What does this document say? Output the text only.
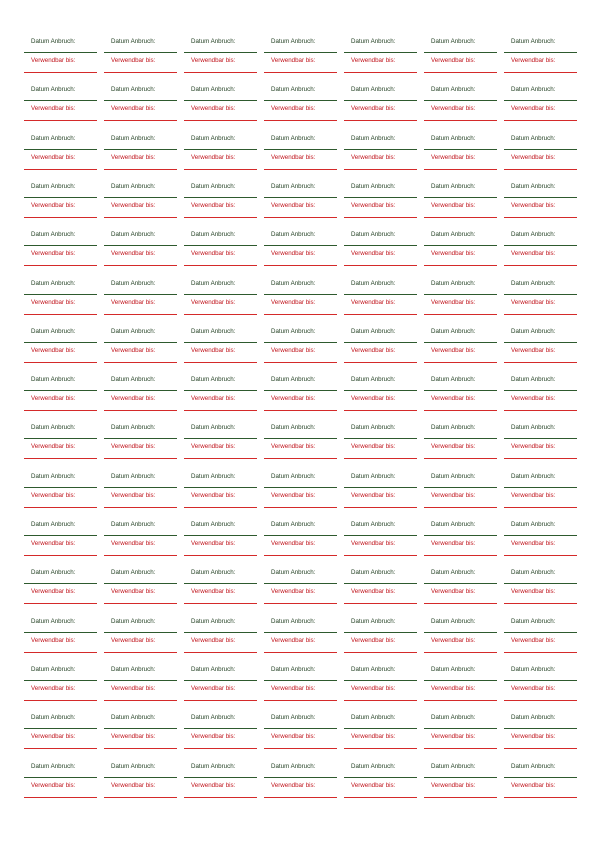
Datum Anbruch:
Verwendbar bis:
Datum Anbruch:
Verwendbar bis:
Datum Anbruch:
Verwendbar bis:
Datum Anbruch:
Verwendbar bis:
Datum Anbruch:
Verwendbar bis:
Datum Anbruch:
Verwendbar bis:
Datum Anbruch:
Verwendbar bis:
Datum Anbruch:
Verwendbar bis:
Datum Anbruch:
Verwendbar bis:
Datum Anbruch:
Verwendbar bis:
Datum Anbruch:
Verwendbar bis:
Datum Anbruch:
Verwendbar bis:
Datum Anbruch:
Verwendbar bis:
Datum Anbruch:
Verwendbar bis:
Datum Anbruch:
Verwendbar bis:
Datum Anbruch:
Verwendbar bis:
Datum Anbruch:
Verwendbar bis:
Datum Anbruch:
Verwendbar bis:
Datum Anbruch:
Verwendbar bis:
Datum Anbruch:
Verwendbar bis:
Datum Anbruch:
Verwendbar bis:
Datum Anbruch:
Verwendbar bis:
Datum Anbruch:
Verwendbar bis:
Datum Anbruch:
Verwendbar bis:
Datum Anbruch:
Verwendbar bis:
Datum Anbruch:
Verwendbar bis:
Datum Anbruch:
Verwendbar bis:
Datum Anbruch:
Verwendbar bis:
Datum Anbruch:
Verwendbar bis:
Datum Anbruch:
Verwendbar bis:
Datum Anbruch:
Verwendbar bis:
Datum Anbruch:
Verwendbar bis:
Datum Anbruch:
Verwendbar bis:
Datum Anbruch:
Verwendbar bis:
Datum Anbruch:
Verwendbar bis:
Datum Anbruch:
Verwendbar bis:
Datum Anbruch:
Verwendbar bis:
Datum Anbruch:
Verwendbar bis:
Datum Anbruch:
Verwendbar bis:
Datum Anbruch:
Verwendbar bis:
Datum Anbruch:
Verwendbar bis:
Datum Anbruch:
Verwendbar bis:
Datum Anbruch:
Verwendbar bis:
Datum Anbruch:
Verwendbar bis:
Datum Anbruch:
Verwendbar bis:
Datum Anbruch:
Verwendbar bis:
Datum Anbruch:
Verwendbar bis:
Datum Anbruch:
Verwendbar bis:
Datum Anbruch:
Verwendbar bis:
Datum Anbruch:
Verwendbar bis:
Datum Anbruch:
Verwendbar bis:
Datum Anbruch:
Verwendbar bis:
Datum Anbruch:
Verwendbar bis:
Datum Anbruch:
Verwendbar bis:
Datum Anbruch:
Verwendbar bis:
Datum Anbruch:
Verwendbar bis:
Datum Anbruch:
Verwendbar bis:
Datum Anbruch:
Verwendbar bis:
Datum Anbruch:
Verwendbar bis:
Datum Anbruch:
Verwendbar bis:
Datum Anbruch:
Verwendbar bis:
Datum Anbruch:
Verwendbar bis:
Datum Anbruch:
Verwendbar bis:
Datum Anbruch:
Verwendbar bis:
Datum Anbruch:
Verwendbar bis:
Datum Anbruch:
Verwendbar bis:
Datum Anbruch:
Verwendbar bis:
Datum Anbruch:
Verwendbar bis:
Datum Anbruch:
Verwendbar bis:
Datum Anbruch:
Verwendbar bis:
Datum Anbruch:
Verwendbar bis:
Datum Anbruch:
Verwendbar bis:
Datum Anbruch:
Verwendbar bis:
Datum Anbruch:
Verwendbar bis:
Datum Anbruch:
Verwendbar bis:
Datum Anbruch:
Verwendbar bis:
Datum Anbruch:
Verwendbar bis:
Datum Anbruch:
Verwendbar bis:
Datum Anbruch:
Verwendbar bis:
Datum Anbruch:
Verwendbar bis:
Datum Anbruch:
Verwendbar bis:
Datum Anbruch:
Verwendbar bis:
Datum Anbruch:
Verwendbar bis:
Datum Anbruch:
Verwendbar bis:
Datum Anbruch:
Verwendbar bis:
Datum Anbruch:
Verwendbar bis:
Datum Anbruch:
Verwendbar bis:
Datum Anbruch:
Verwendbar bis:
Datum Anbruch:
Verwendbar bis:
Datum Anbruch:
Verwendbar bis:
Datum Anbruch:
Verwendbar bis:
Datum Anbruch:
Verwendbar bis:
Datum Anbruch:
Verwendbar bis:
Datum Anbruch:
Verwendbar bis:
Datum Anbruch:
Verwendbar bis:
Datum Anbruch:
Verwendbar bis:
Datum Anbruch:
Verwendbar bis:
Datum Anbruch:
Verwendbar bis:
Datum Anbruch:
Verwendbar bis:
Datum Anbruch:
Verwendbar bis:
Datum Anbruch:
Verwendbar bis:
Datum Anbruch:
Verwendbar bis:
Datum Anbruch:
Verwendbar bis:
Datum Anbruch:
Verwendbar bis:
Datum Anbruch:
Verwendbar bis:
Datum Anbruch:
Verwendbar bis:
Datum Anbruch:
Verwendbar bis:
Datum Anbruch:
Verwendbar bis:
Datum Anbruch:
Verwendbar bis:
Datum Anbruch:
Verwendbar bis:
Datum Anbruch:
Verwendbar bis:
Datum Anbruch:
Verwendbar bis:
